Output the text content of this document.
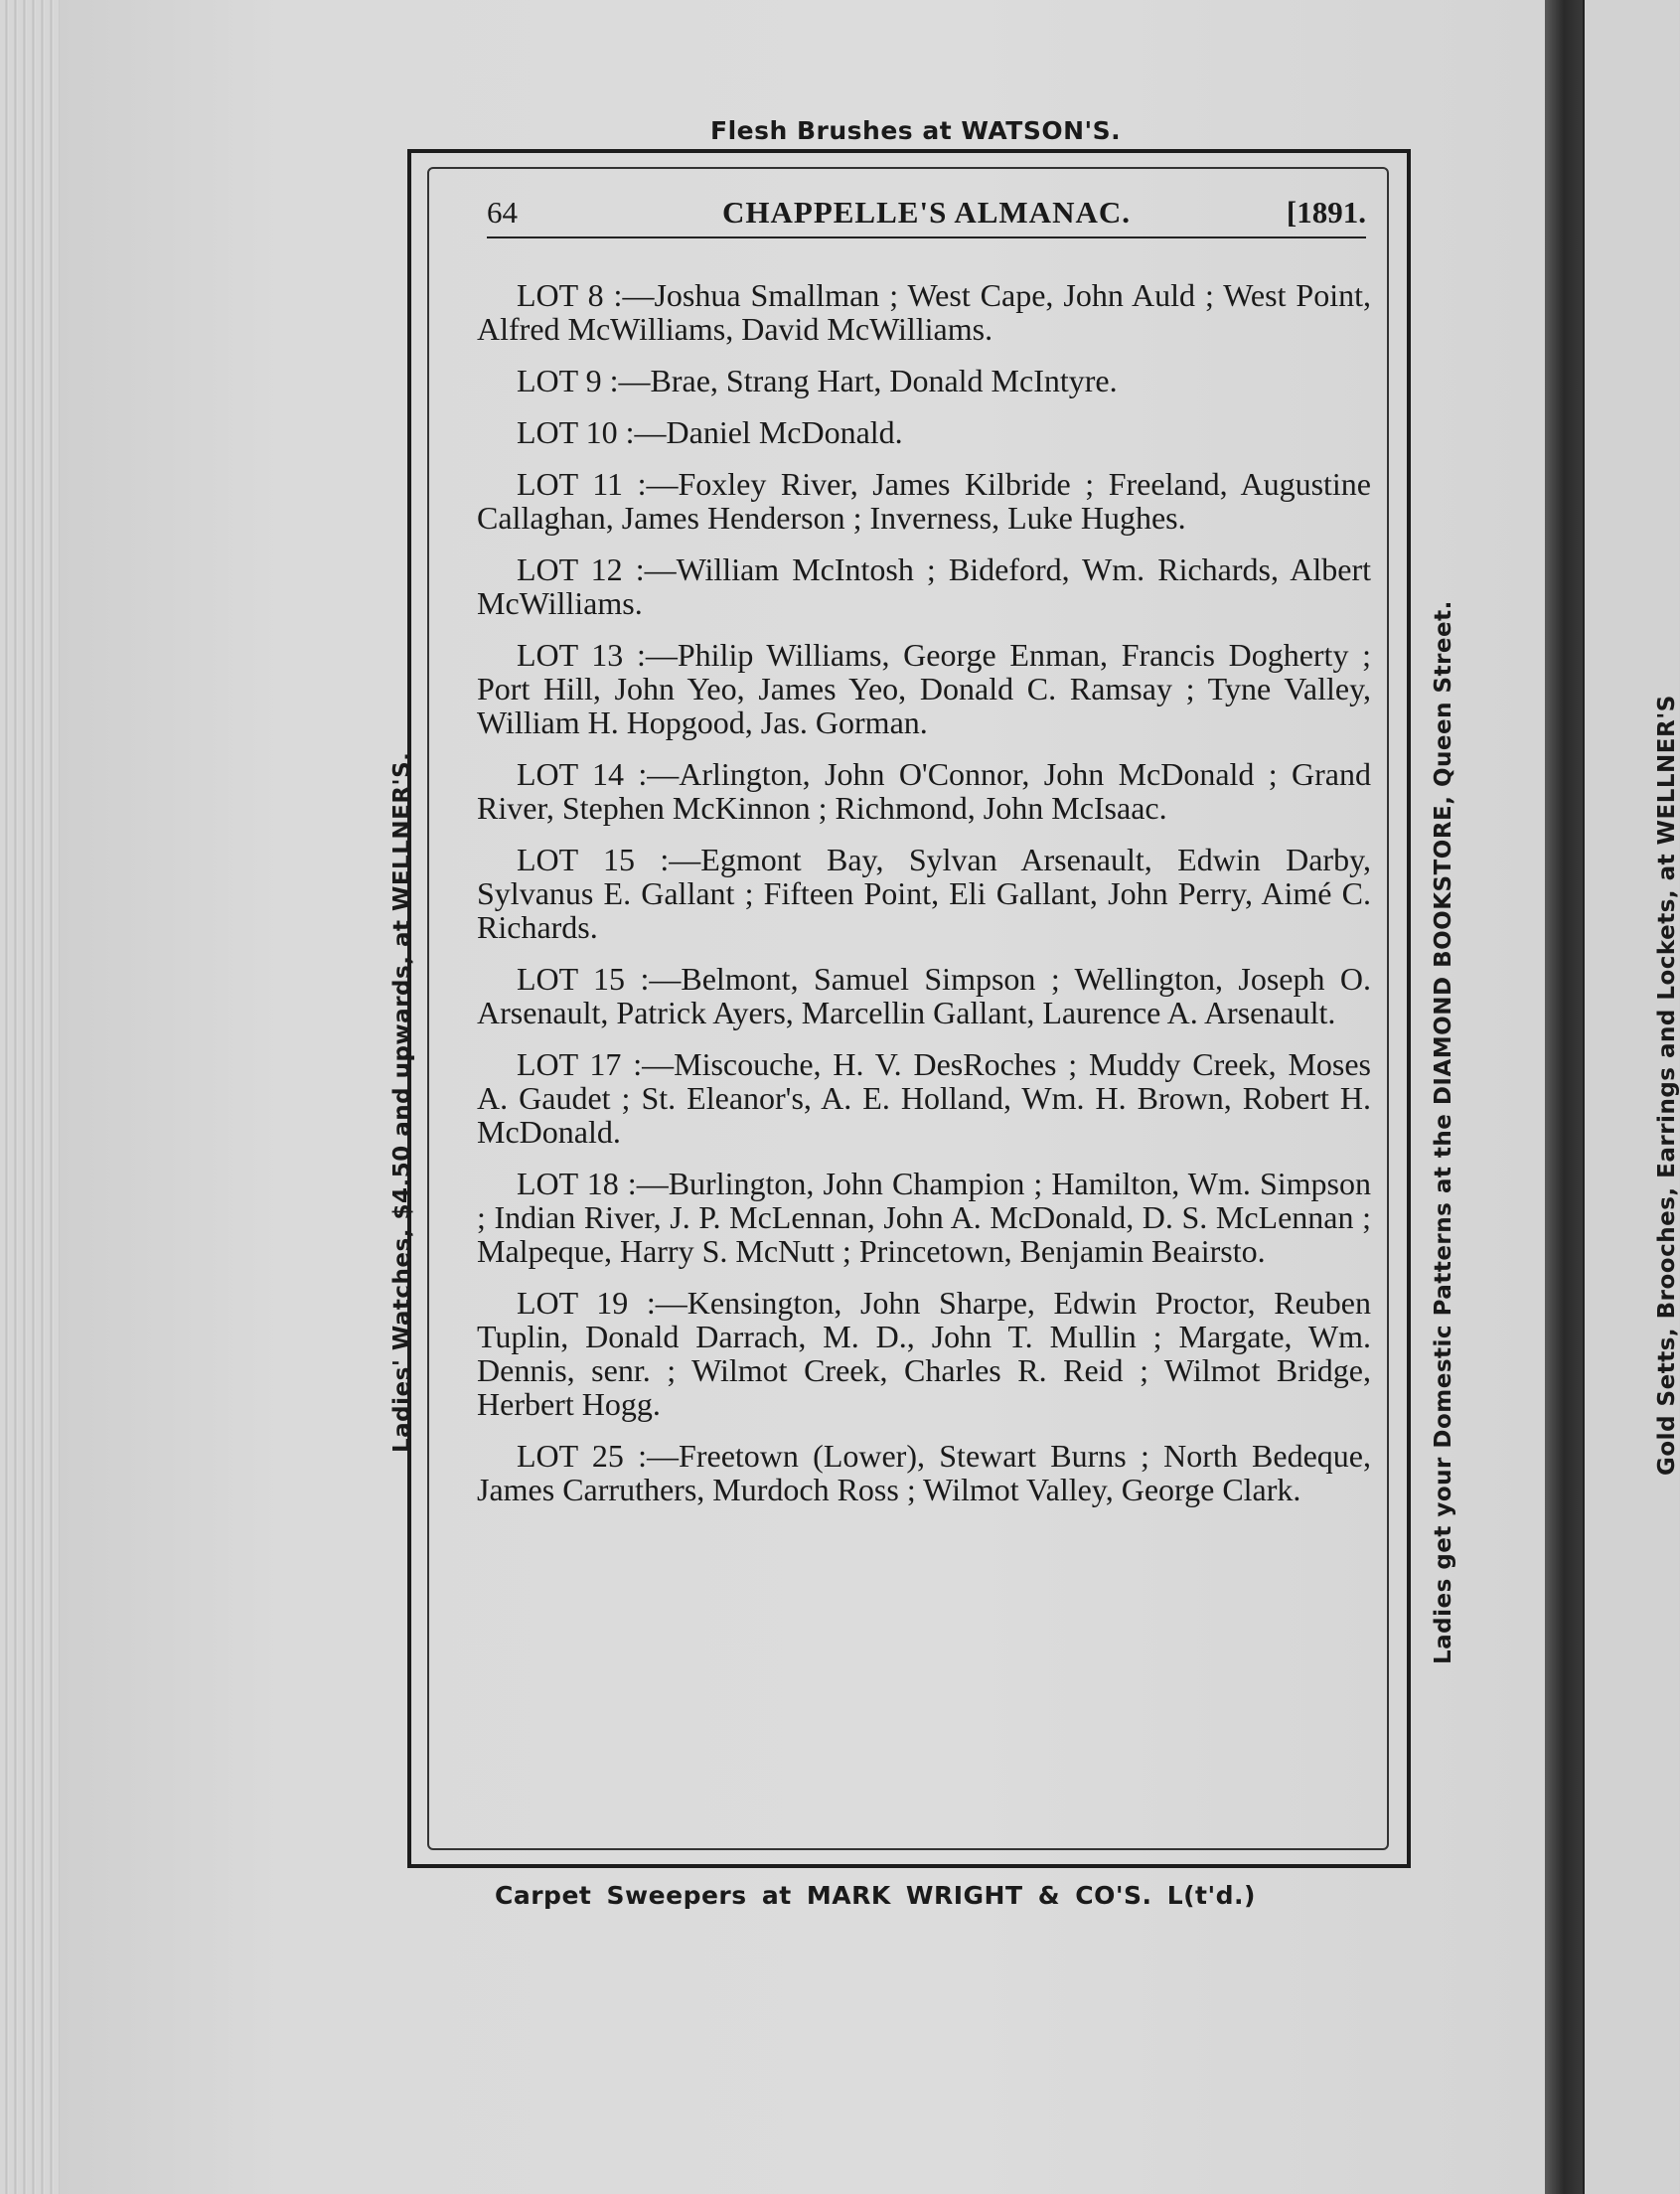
Flesh Brushes at WATSON'S.
Ladies' Watches, $4.50 and upwards, at WELLNER'S.	Ladies get your Domestic Patterns at the DIAMOND BOOKSTORE, Queen Street.	Gold Setts, Brooches, Earrings and Lockets, at WELLNER'S
64	CHAPPELLE'S ALMANAC.	[1891.

LOT 8 :—Joshua Smallman ; West Cape, John Auld ; West Point, Alfred McWilliams, David McWilliams.

LOT 9 :—Brae, Strang Hart, Donald McIntyre.

LOT 10 :—Daniel McDonald.

LOT 11 :—Foxley River, James Kilbride ; Freeland, Augustine Callaghan, James Henderson ; Inverness, Luke Hughes.

LOT 12 :—William McIntosh ; Bideford, Wm. Richards, Albert McWilliams.

LOT 13 :—Philip Williams, George Enman, Francis Dogherty ; Port Hill, John Yeo, James Yeo, Donald C. Ramsay ; Tyne Valley, William H. Hopgood, Jas. Gorman.

LOT 14 :—Arlington, John O'Connor, John McDonald ; Grand River, Stephen McKinnon ; Richmond, John McIsaac.

LOT 15 :—Egmont Bay, Sylvan Arsenault, Edwin Darby, Sylvanus E. Gallant ; Fifteen Point, Eli Gallant, John Perry, Aimé C. Richards.

LOT 15 :—Belmont, Samuel Simpson ; Wellington, Joseph O. Arsenault, Patrick Ayers, Marcellin Gallant, Laurence A. Arsenault.

LOT 17 :—Miscouche, H. V. DesRoches ; Muddy Creek, Moses A. Gaudet ; St. Eleanor's, A. E. Holland, Wm. H. Brown, Robert H. McDonald.

LOT 18 :—Burlington, John Champion ; Hamilton, Wm. Simpson ; Indian River, J. P. McLennan, John A. McDonald, D. S. McLennan ; Malpeque, Harry S. McNutt ; Princetown, Benjamin Beairsto.

LOT 19 :—Kensington, John Sharpe, Edwin Proctor, Reuben Tuplin, Donald Darrach, M. D., John T. Mullin ; Margate, Wm. Dennis, senr. ; Wilmot Creek, Charles R. Reid ; Wilmot Bridge, Herbert Hogg.

LOT 25 :—Freetown (Lower), Stewart Burns ; North Bedeque, James Carruthers, Murdoch Ross ; Wilmot Valley, George Clark.

Carpet Sweepers at MARK WRIGHT & CO'S. L(t'd.)
